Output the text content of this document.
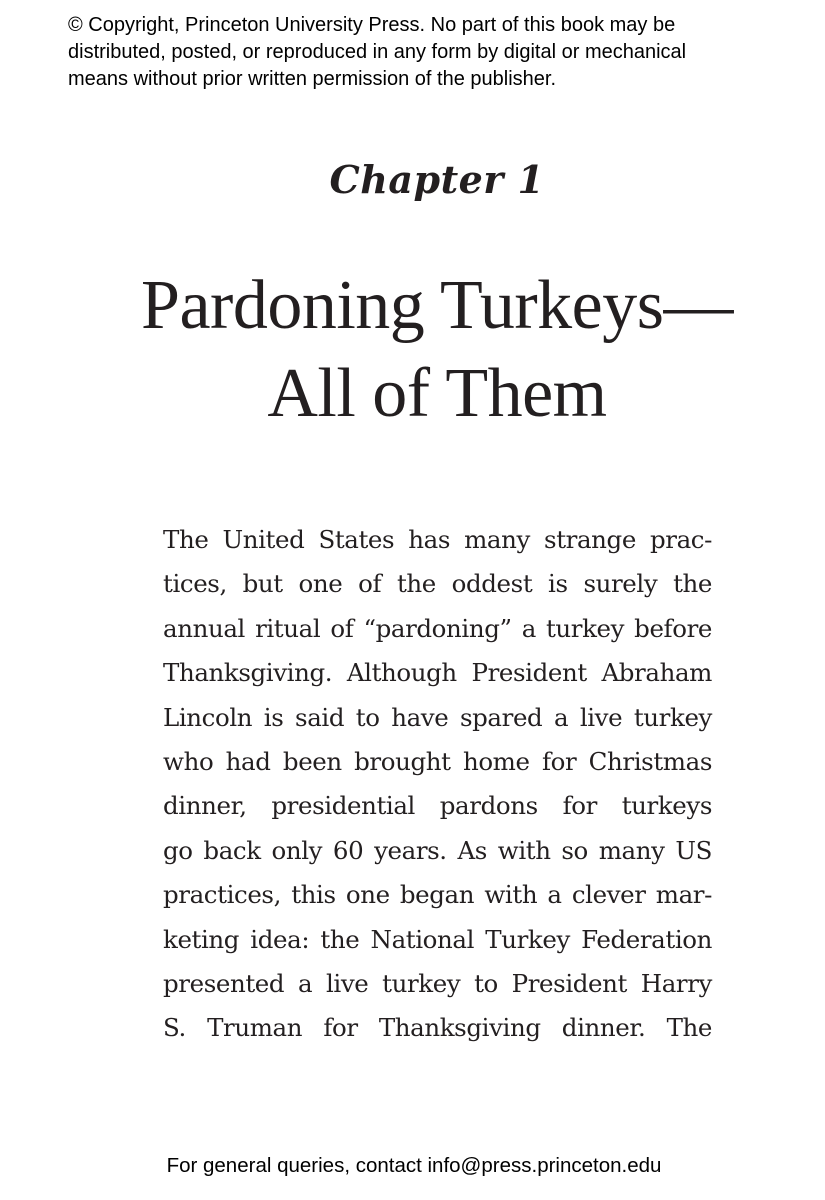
© Copyright, Princeton University Press. No part of this book may be
distributed, posted, or reproduced in any form by digital or mechanical
means without prior written permission of the publisher.
Chapter 1
Pardoning Turkeys—
All of Them
The United States has many strange prac-
tices, but one of the oddest is surely the
annual ritual of “pardoning” a turkey before
Thanksgiving. Although President Abraham
Lincoln is said to have spared a live turkey
who had been brought home for Christmas
dinner, presidential pardons for turkeys
go back only 60 years. As with so many US
practices, this one began with a clever mar-
keting idea: the National Turkey Federation
presented a live turkey to President Harry
S. Truman for Thanksgiving dinner. The
For general queries, contact info@press.princeton.edu
